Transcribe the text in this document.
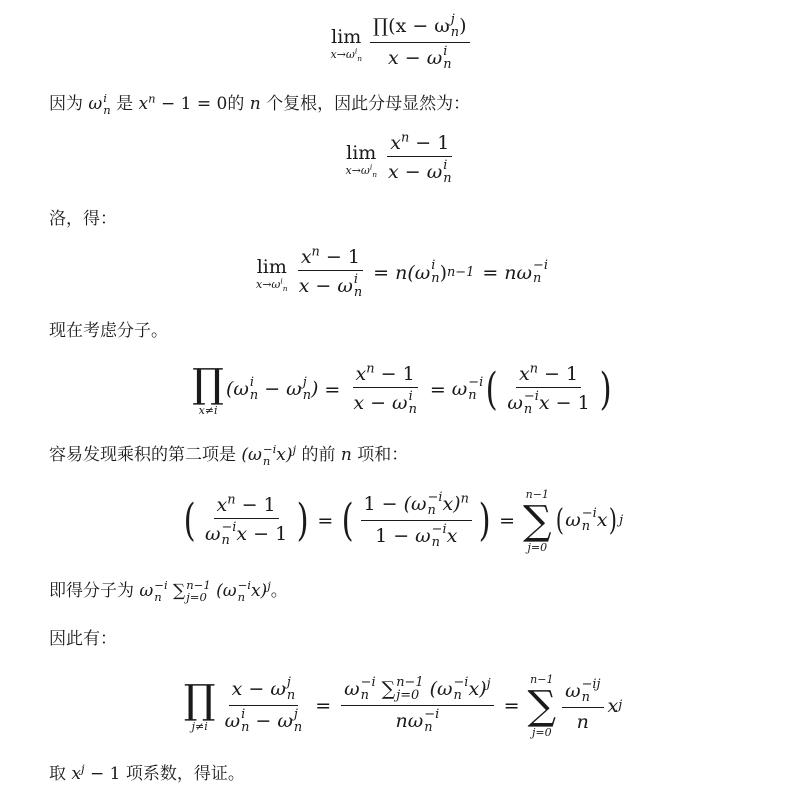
lim
$x\to\omega^i_n$ ∏(x − ω j
n )
x − ω i
n
因为 ω i
n 是 $x^n - 1 = 0$的 n 个复根，因此分母显然为：
lim
$x\to\omega^i_n$ $x^n - 1$
x − ω i
n
洛，得：
lim
$x\to\omega^i_n$ $x^n - 1$
x − ω i
n = n(ω i
n ) n−1 = nω −i
n
现在考虑分子。
∏
x≠i
(ω i
n − ω j
n ) = $x^n - 1$
x − ω i
n = ω −i
n ( $x^n - 1$
ω −i
n x − 1 )
容易发现乘积的第二项是 (ω −i
n x)$^j$ 的前 n 项和：
( $x^n - 1$
ω −i
n x − 1 ) = ( 1 − (ω −i
n x)$^n$
1 − ω −i
n x ) =
n−1
∑
j=0
( ω −i
n x ) j
即得分子为 ω −i
n ∑ n−1
j=0 (ω −i
n x)$^j$。
因此有：
∏
j≠i x − ω j
n
ω i
n − ω j
n = ω −i
n ∑ n−1
j=0 (ω −i
n x)$^j$
nω −i
n =
n−1
∑
j=0 ω −ij
n
n x j
取 $x^j - 1$ 项系数，得证。
